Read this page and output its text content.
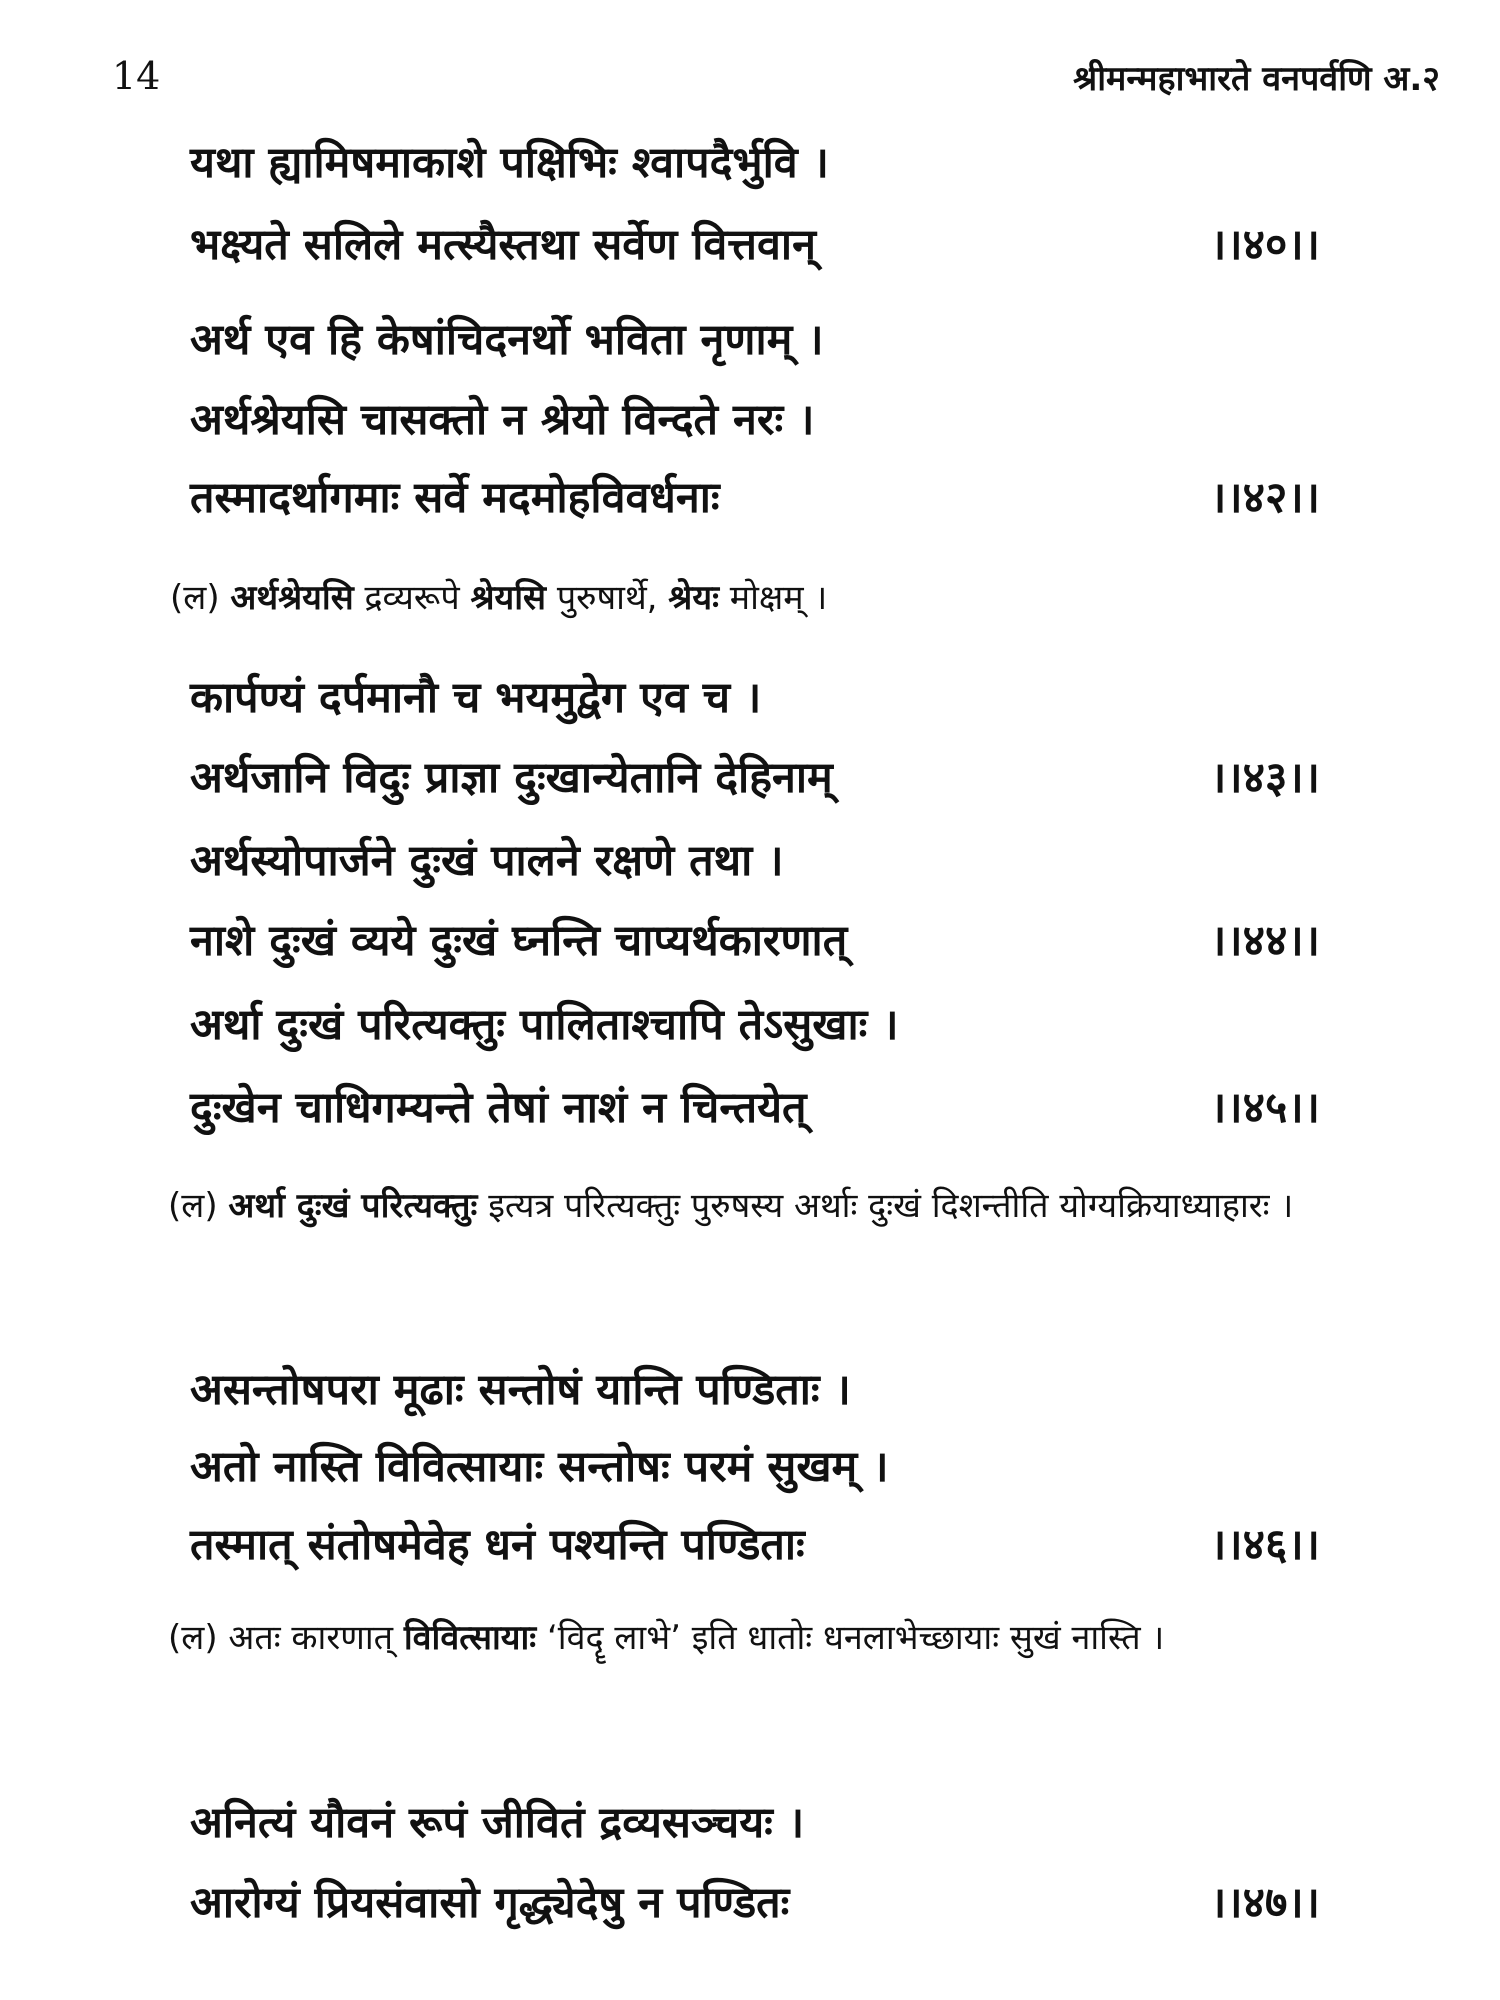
14	श्रीमन्महाभारते वनपर्वणि अ.२
यथा ह्यामिषमाकाशे पक्षिभिः श्वापदैर्भुवि ।
भक्ष्यते सलिले मत्स्यैस्तथा सर्वेण वित्तवान्	।।४०।।
अर्थ एव हि केषांचिदनर्थो भविता नृणाम् ।
अर्थश्रेयसि चासक्तो न श्रेयो विन्दते नरः ।
तस्मादर्थागमाः सर्वे मदमोहविवर्धनाः	।।४२।।
(ल) अर्थश्रेयसि द्रव्यरूपे श्रेयसि पुरुषार्थे, श्रेयः मोक्षम् ।
कार्पण्यं दर्पमानौ च भयमुद्वेग एव च ।
अर्थजानि विदुः प्राज्ञा दुःखान्येतानि देहिनाम्	।।४३।।
अर्थस्योपार्जने दुःखं पालने रक्षणे तथा ।
नाशे दुःखं व्यये दुःखं घ्नन्ति चाप्यर्थकारणात्	।।४४।।
अर्था दुःखं परित्यक्तुः पालिताश्चापि तेऽसुखाः ।
दुःखेन चाधिगम्यन्ते तेषां नाशं न चिन्तयेत्	।।४५।।
(ल) अर्था दुःखं परित्यक्तुः इत्यत्र परित्यक्तुः पुरुषस्य अर्थाः दुःखं दिशन्तीति योग्यक्रियाध्याहारः ।
असन्तोषपरा मूढाः सन्तोषं यान्ति पण्डिताः ।
अतो नास्ति विवित्सायाः सन्तोषः परमं सुखम् ।
तस्मात् संतोषमेवेह धनं पश्यन्ति पण्डिताः	।।४६।।
(ल) अतः कारणात् विवित्सायाः ‘विदॄ लाभे’ इति धातोः धनलाभेच्छायाः सुखं नास्ति ।
अनित्यं यौवनं रूपं जीवितं द्रव्यसञ्चयः ।
आरोग्यं प्रियसंवासो गृद्ध्येदेषु न पण्डितः	।।४७।।
